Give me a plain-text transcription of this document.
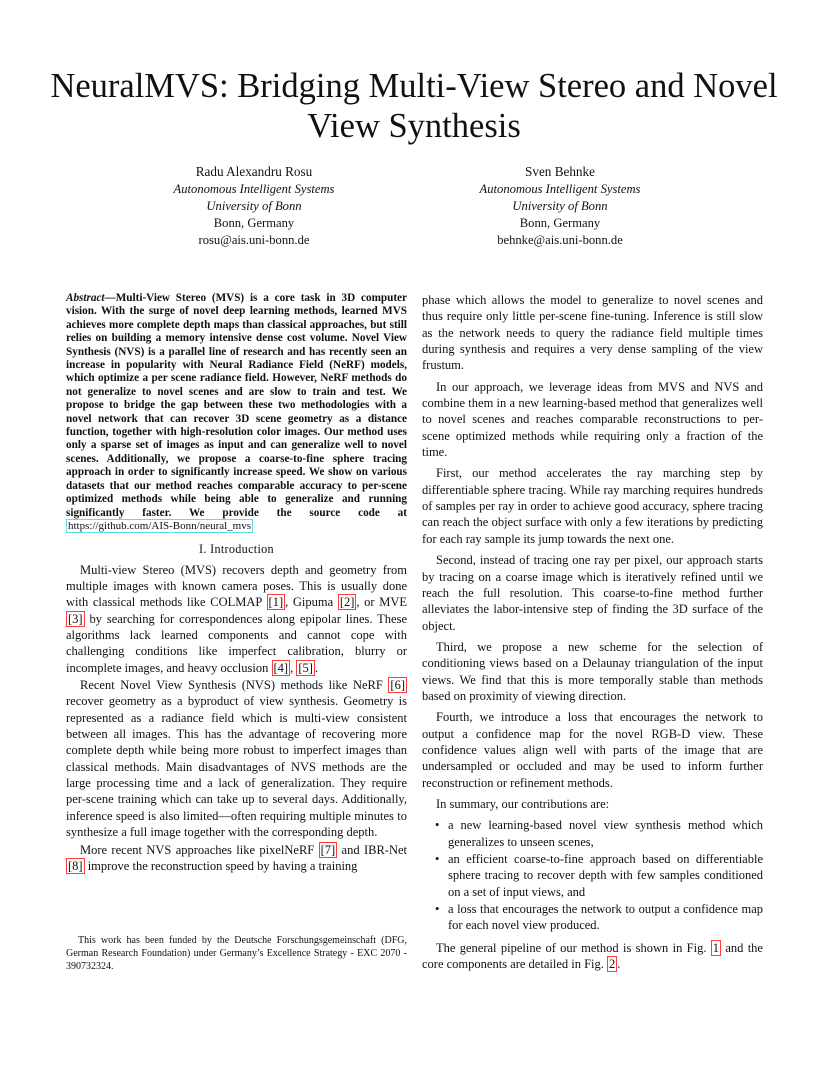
NeuralMVS: Bridging Multi-View Stereo and Novel
View Synthesis
Radu Alexandru Rosu
Autonomous Intelligent Systems
University of Bonn
Bonn, Germany
rosu@ais.uni-bonn.de
Sven Behnke
Autonomous Intelligent Systems
University of Bonn
Bonn, Germany
behnke@ais.uni-bonn.de
Abstract—Multi-View Stereo (MVS) is a core task in 3D computer vision. With the surge of novel deep learning methods, learned MVS achieves more complete depth maps than classical approaches, but still relies on building a memory intensive dense cost volume. Novel View Synthesis (NVS) is a parallel line of research and has recently seen an increase in popularity with Neural Radiance Field (NeRF) models, which optimize a per scene radiance field. However, NeRF methods do not generalize to novel scenes and are slow to train and test. We propose to bridge the gap between these two methodologies with a novel network that can recover 3D scene geometry as a distance function, together with high-resolution color images. Our method uses only a sparse set of images as input and can generalize well to novel scenes. Additionally, we propose a coarse-to-fine sphere tracing approach in order to significantly increase speed. We show on various datasets that our method reaches comparable accuracy to per-scene optimized methods while being able to generalize and running significantly faster. We provide the source code at https://github.com/AIS-Bonn/neural_mvs
I. Introduction

Multi-view Stereo (MVS) recovers depth and geometry from multiple images with known camera poses. This is usually done with classical methods like COLMAP [1] , Gipuma [2] , or MVE [3] by searching for correspondences along epipolar lines. These algorithms lack learned components and cannot cope with challenging conditions like imperfect calibration, blurry or incomplete images, and heavy occlusion [4] , [5] .

Recent Novel View Synthesis (NVS) methods like NeRF [6] recover geometry as a byproduct of view synthesis. Geometry is represented as a radiance field which is multi-view consistent between all images. This has the advantage of recovering more complete depth while being more robust to imperfect images than classical methods. Main disadvantages of NVS methods are the large processing time and a lack of generalization. They require per-scene training which can take up to several days. Additionally, inference speed is also limited—often requiring multiple minutes to synthesize a full image together with the corresponding depth.

More recent NVS approaches like pixelNeRF [7] and IBR-Net [8] improve the reconstruction speed by having a training

This work has been funded by the Deutsche Forschungsgemeinschaft (DFG, German Research Foundation) under Germany’s Excellence Strategy - EXC 2070 - 390732324.

phase which allows the model to generalize to novel scenes and thus require only little per-scene fine-tuning. Inference is still slow as the network needs to query the radiance field multiple times during synthesis and requires a very dense sampling of the view frustum.

In our approach, we leverage ideas from MVS and NVS and combine them in a new learning-based method that generalizes well to novel scenes and reaches comparable reconstructions to per-scene optimized methods while requiring only a fraction of the time.

First, our method accelerates the ray marching step by differentiable sphere tracing. While ray marching requires hundreds of samples per ray in order to achieve good accuracy, sphere tracing can reach the object surface with only a few iterations by predicting for each ray sample its jump towards the next one.

Second, instead of tracing one ray per pixel, our approach starts by tracing on a coarse image which is iteratively refined until we reach the full resolution. This coarse-to-fine method further alleviates the labor-intensive step of finding the 3D surface of the object.

Third, we propose a new scheme for the selection of conditioning views based on a Delaunay triangulation of the input views. We find that this is more temporally stable than methods based on proximity of viewing direction.

Fourth, we introduce a loss that encourages the network to output a confidence map for the novel RGB-D view. These confidence values align well with parts of the image that are undersampled or occluded and may be used to inform further reconstruction or refinement methods.

In summary, our contributions are:

• a new learning-based novel view synthesis method which generalizes to unseen scenes,
• an efficient coarse-to-fine approach based on differentiable sphere tracing to recover depth with few samples conditioned on a set of input views, and
• a loss that encourages the network to output a confidence map for each novel view produced.

The general pipeline of our method is shown in Fig. 1 and the core components are detailed in Fig. 2 .
